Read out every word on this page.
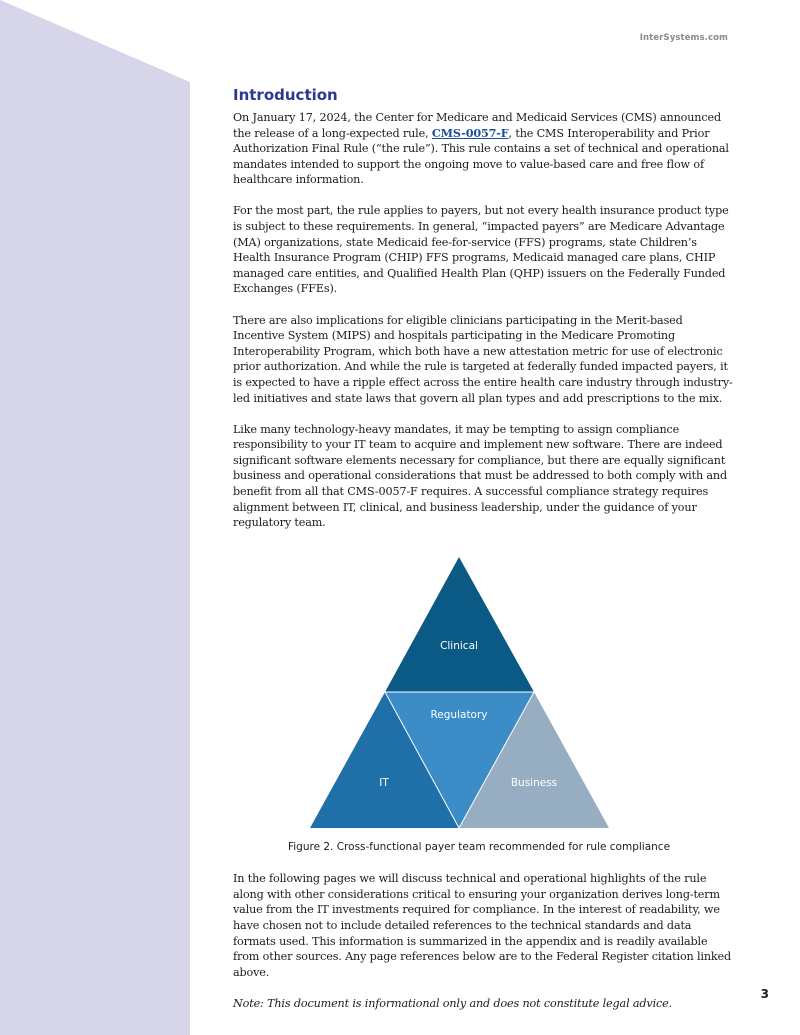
InterSystems.com
Introduction

On January 17, 2024, the Center for Medicare and Medicaid Services (CMS) announced the release of a long-expected rule, CMS-0057-F, the CMS Interoperability and Prior Authorization Final Rule (“the rule”). This rule contains a set of technical and operational mandates intended to support the ongoing move to value-based care and free flow of healthcare information.

For the most part, the rule applies to payers, but not every health insurance product type is subject to these requirements. In general, “impacted payers” are Medicare Advantage (MA) organizations, state Medicaid fee-for-service (FFS) programs, state Children’s Health Insurance Program (CHIP) FFS programs, Medicaid managed care plans, CHIP managed care entities, and Qualified Health Plan (QHP) issuers on the Federally Funded Exchanges (FFEs).

There are also implications for eligible clinicians participating in the Merit-based Incentive System (MIPS) and hospitals participating in the Medicare Promoting Interoperability Program, which both have a new attestation metric for use of electronic prior authorization. And while the rule is targeted at federally funded impacted payers, it is expected to have a ripple effect across the entire health care industry through industry-led initiatives and state laws that govern all plan types and add prescriptions to the mix.

Like many technology-heavy mandates, it may be tempting to assign compliance responsibility to your IT team to acquire and implement new software. There are indeed significant software elements necessary for compliance, but there are equally significant business and operational considerations that must be addressed to both comply with and benefit from all that CMS-0057-F requires. A successful compliance strategy requires alignment between IT, clinical, and business leadership, under the guidance of your regulatory team.

Clinical
Regulatory
IT	Business
Figure 2. Cross-functional payer team recommended for rule compliance

In the following pages we will discuss technical and operational highlights of the rule along with other considerations critical to ensuring your organization derives long-term value from the IT investments required for compliance. In the interest of readability, we have chosen not to include detailed references to the technical standards and data formats used. This information is summarized in the appendix and is readily available from other sources. Any page references below are to the Federal Register citation linked above.

Note: This document is informational only and does not constitute legal advice.

3
